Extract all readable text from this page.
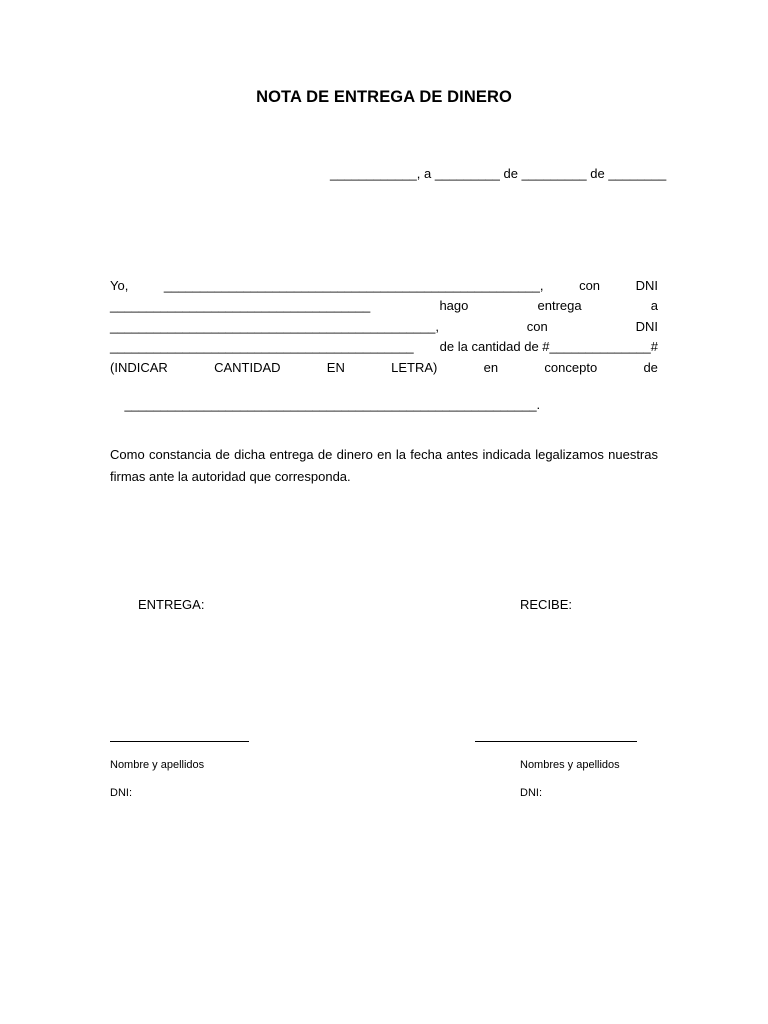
NOTA DE ENTREGA DE DINERO
____________, a _________ de _________ de ________
Yo,	____________________________________________________,	con	DNI
____________________________________	hago	entrega	a
_____________________________________________,	con	DNI
__________________________________________ de la cantidad de #______________#
(INDICAR	CANTIDAD	EN	LETRA)	en	concepto	de

_________________________________________________________.

Como constancia de dicha entrega de dinero en la fecha antes indicada legalizamos nuestras firmas ante la autoridad que corresponda.
ENTREGA:	RECIBE:
Nombre y apellidos	Nombres y apellidos
DNI:	DNI:
